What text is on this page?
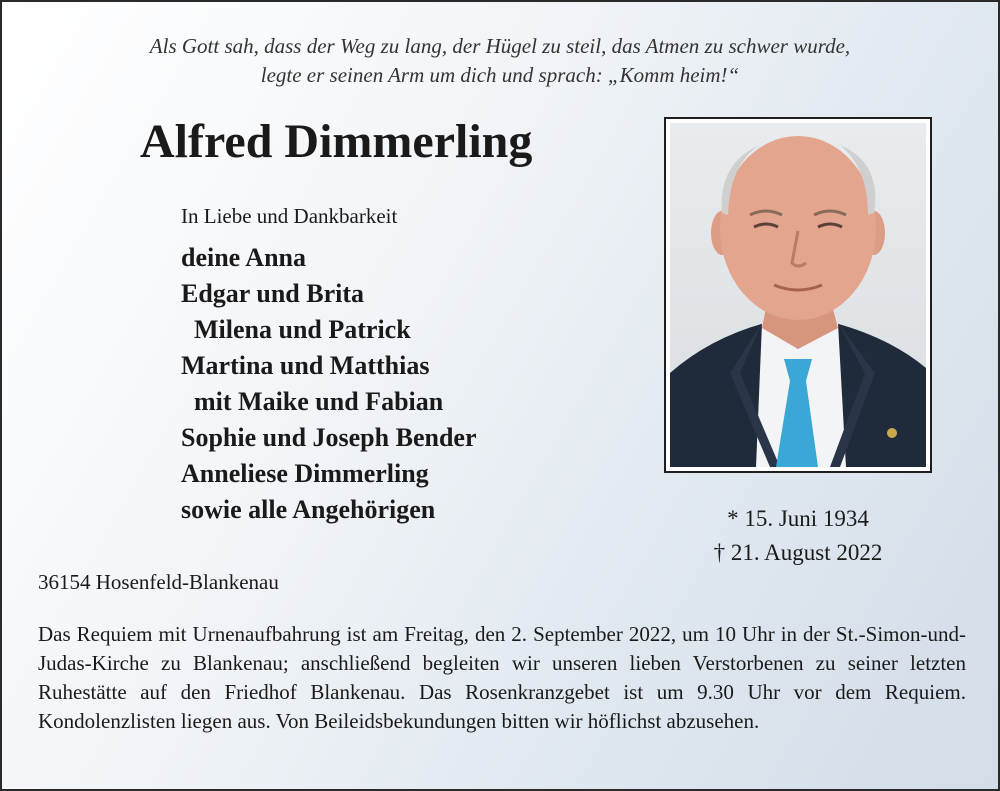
Als Gott sah, dass der Weg zu lang, der Hügel zu steil, das Atmen zu schwer wurde,
legte er seinen Arm um dich und sprach: „Komm heim!“
Alfred Dimmerling
In Liebe und Dankbarkeit
deine Anna
Edgar und Brita
Milena und Patrick
Martina und Matthias
mit Maike und Fabian
Sophie und Joseph Bender
Anneliese Dimmerling
sowie alle Angehörigen	* 15. Juni 1934
† 21. August 2022
36154 Hosenfeld-Blankenau
Das Requiem mit Urnenaufbahrung ist am Freitag, den 2. September 2022, um 10 Uhr in der St.-Simon-und-Judas-Kirche zu Blankenau; anschließend begleiten wir unseren lieben Verstorbenen zu seiner letzten Ruhestätte auf den Friedhof Blankenau. Das Rosenkranzgebet ist um 9.30 Uhr vor dem Requiem. Kondolenzlisten liegen aus. Von Beileidsbekundungen bitten wir höflichst abzusehen.
